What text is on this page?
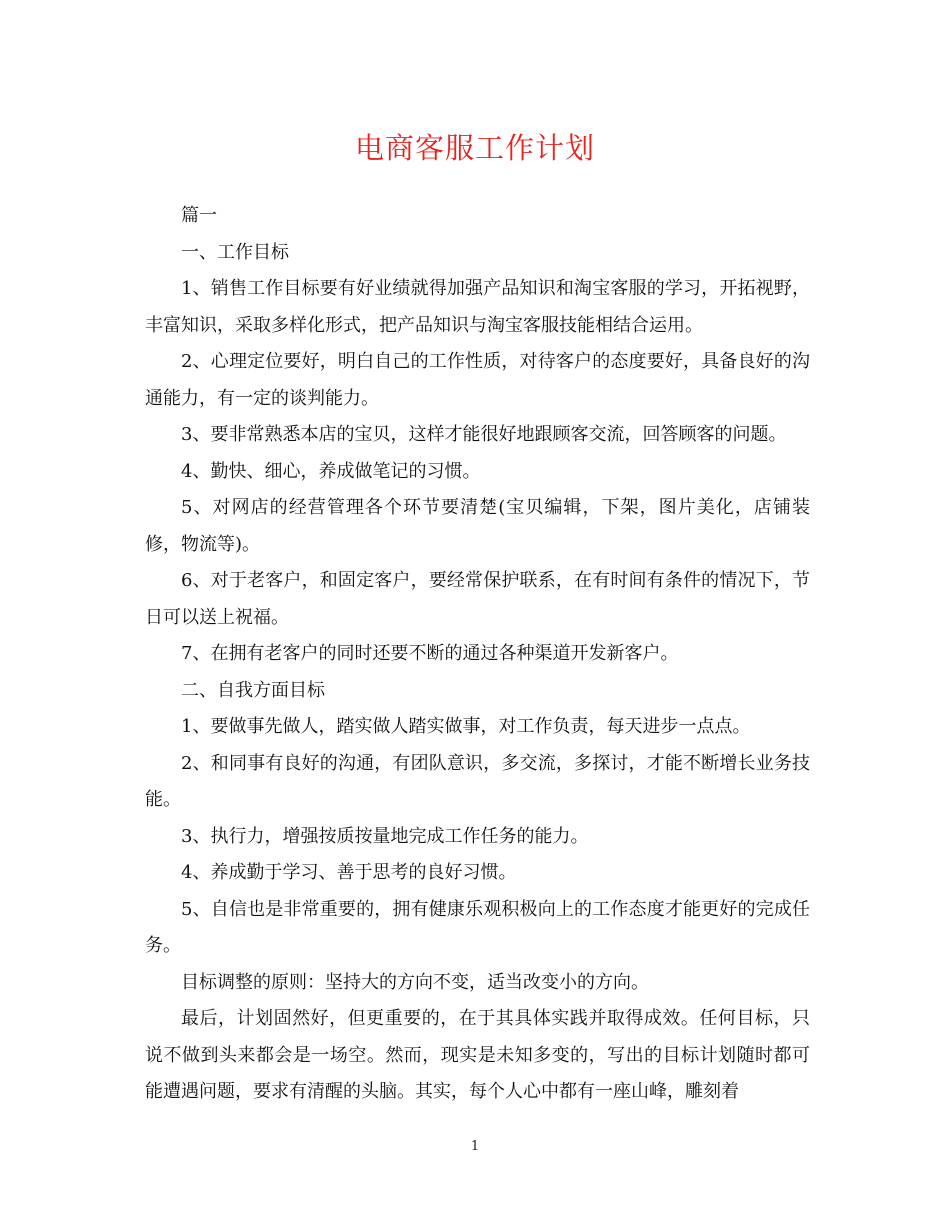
电商客服工作计划

篇一

一、工作目标

1、销售工作目标要有好业绩就得加强产品知识和淘宝客服的学习，开拓视野，丰富知识，采取多样化形式，把产品知识与淘宝客服技能相结合运用。

2、心理定位要好，明白自己的工作性质，对待客户的态度要好，具备良好的沟通能力，有一定的谈判能力。

3、要非常熟悉本店的宝贝，这样才能很好地跟顾客交流，回答顾客的问题。

4、勤快、细心，养成做笔记的习惯。

5、对网店的经营管理各个环节要清楚(宝贝编辑，下架，图片美化，店铺装修，物流等)。

6、对于老客户，和固定客户，要经常保护联系，在有时间有条件的情况下，节日可以送上祝福。

7、在拥有老客户的同时还要不断的通过各种渠道开发新客户。

二、自我方面目标

1、要做事先做人，踏实做人踏实做事，对工作负责，每天进步一点点。

2、和同事有良好的沟通，有团队意识，多交流，多探讨，才能不断增长业务技能。

3、执行力，增强按质按量地完成工作任务的能力。

4、养成勤于学习、善于思考的良好习惯。

5、自信也是非常重要的，拥有健康乐观积极向上的工作态度才能更好的完成任务。

目标调整的原则：坚持大的方向不变，适当改变小的方向。

最后，计划固然好，但更重要的，在于其具体实践并取得成效。任何目标，只说不做到头来都会是一场空。然而，现实是未知多变的，写出的目标计划随时都可能遭遇问题，要求有清醒的头脑。其实，每个人心中都有一座山峰，雕刻着

1
